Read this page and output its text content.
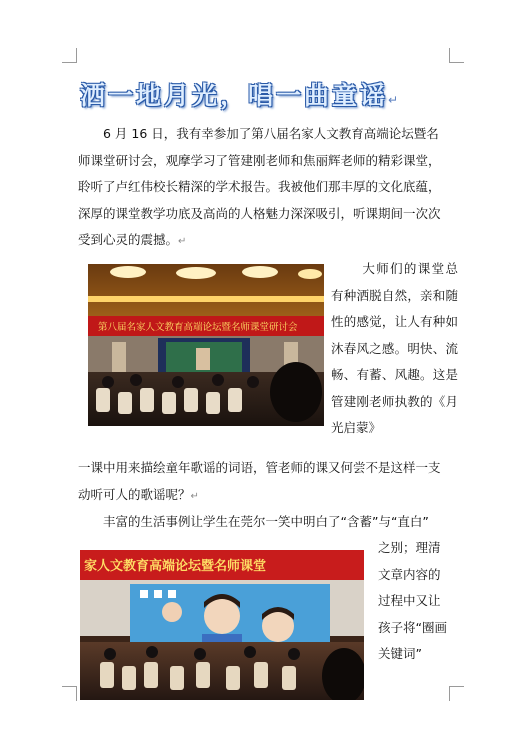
洒一地月光，唱一曲童谣↵
6 月 16 日，我有幸参加了第八届名家人文教育高端论坛暨名师课堂研讨会，观摩学习了管建刚老师和焦丽辉老师的精彩课堂，聆听了卢红伟校长精深的学术报告。我被他们那丰厚的文化底蕴，深厚的课堂教学功底及高尚的人格魅力深深吸引，听课期间一次次受到心灵的震撼。↵
第八届名家人文教育高端论坛暨名师课堂研讨会
大师们的课堂总有种洒脱自然，亲和随性的感觉，让人有种如沐春风之感。明快、流畅、有蓄、风趣。这是管建刚老师执教的《月光启蒙》
一课中用来描绘童年歌谣的词语，管老师的课又何尝不是这样一支动听可人的歌谣呢？↵
丰富的生活事例让学生在莞尔一笑中明白了“含蓄”与“直白”
家人文教育高端论坛暨名师课堂
之别；理清文章内容的过程中又让孩子将“圈画关键词”
